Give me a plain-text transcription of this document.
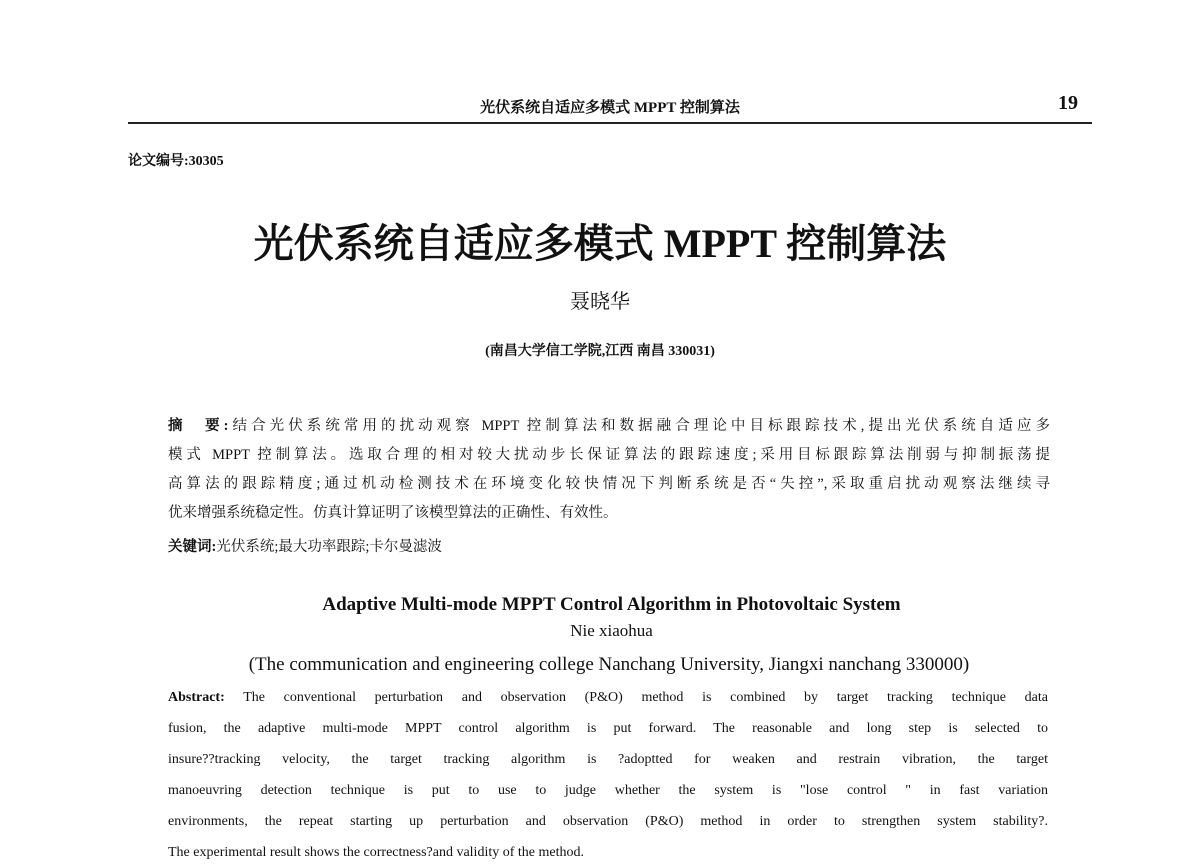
光伏系统自适应多模式 MPPT 控制算法	19
论文编号:30305
光伏系统自适应多模式 MPPT 控制算法
聂晓华
(南昌大学信工学院,江西 南昌 330031)
摘　要:结合光伏系统常用的扰动观察 MPPT 控制算法和数据融合理论中目标跟踪技术,提出光伏系统自适应多
模式 MPPT 控制算法。选取合理的相对较大扰动步长保证算法的跟踪速度;采用目标跟踪算法削弱与抑制振荡提
高算法的跟踪精度;通过机动检测技术在环境变化较快情况下判断系统是否“失控”,采取重启扰动观察法继续寻
优来增强系统稳定性。仿真计算证明了该模型算法的正确性、有效性。
关键词:光伏系统;最大功率跟踪;卡尔曼滤波
Adaptive Multi-mode MPPT Control Algorithm in Photovoltaic System
Nie xiaohua
(The communication and engineering college Nanchang University, Jiangxi nanchang 330000)
Abstract: The conventional perturbation and observation (P&O) method is combined by target tracking technique data
fusion, the adaptive multi-mode MPPT control algorithm is put forward. The reasonable and long step is selected to
insure??tracking velocity, the target tracking algorithm is ?adoptted for weaken and restrain vibration, the target
manoeuvring detection technique is put to use to judge whether the system is "lose control " in fast variation
environments, the repeat starting up perturbation and observation (P&O) method in order to strengthen system stability?.
The experimental result shows the correctness?and validity of the method.
